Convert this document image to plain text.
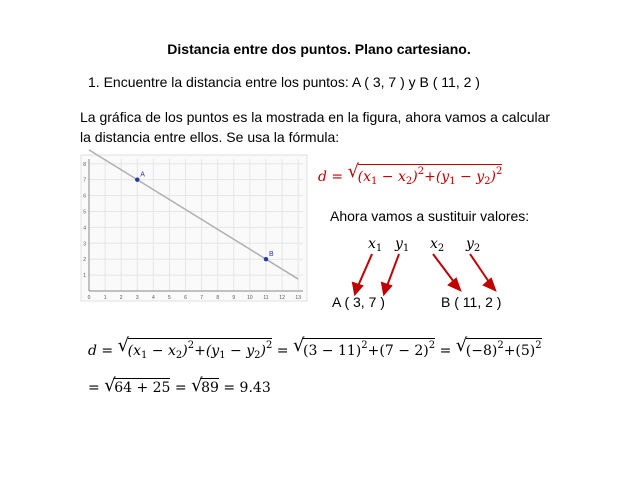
Distancia entre dos puntos. Plano cartesiano.
1. Encuentre la distancia entre los puntos: A ( 3, 7 ) y B ( 11, 2 )
La gráfica de los puntos es la mostrada en la figura, ahora vamos a calcular
la distancia entre ellos. Se usa la fórmula:
0	1	2	3	4	5	6	7	8	9 10 11 12 13
1
2
3
4
5
6
7
8
A
B
d = √
$(x_1 - x_2)^2+(y_1 - y_2)^2$
Ahora vamos a sustituir valores:
$x_1$ $y_1$ $x_2$ $y_2$
A ( 3, 7 )	B ( 11, 2 )
d = √
$(x_1 - x_2)^2+(y_1 - y_2)^2$ = √
$(3 - 11)^2+(7 - 2)^2$ = √
$(-8)^2+(5)^2$
= √
64 + 25 = √
89 = 9.43
